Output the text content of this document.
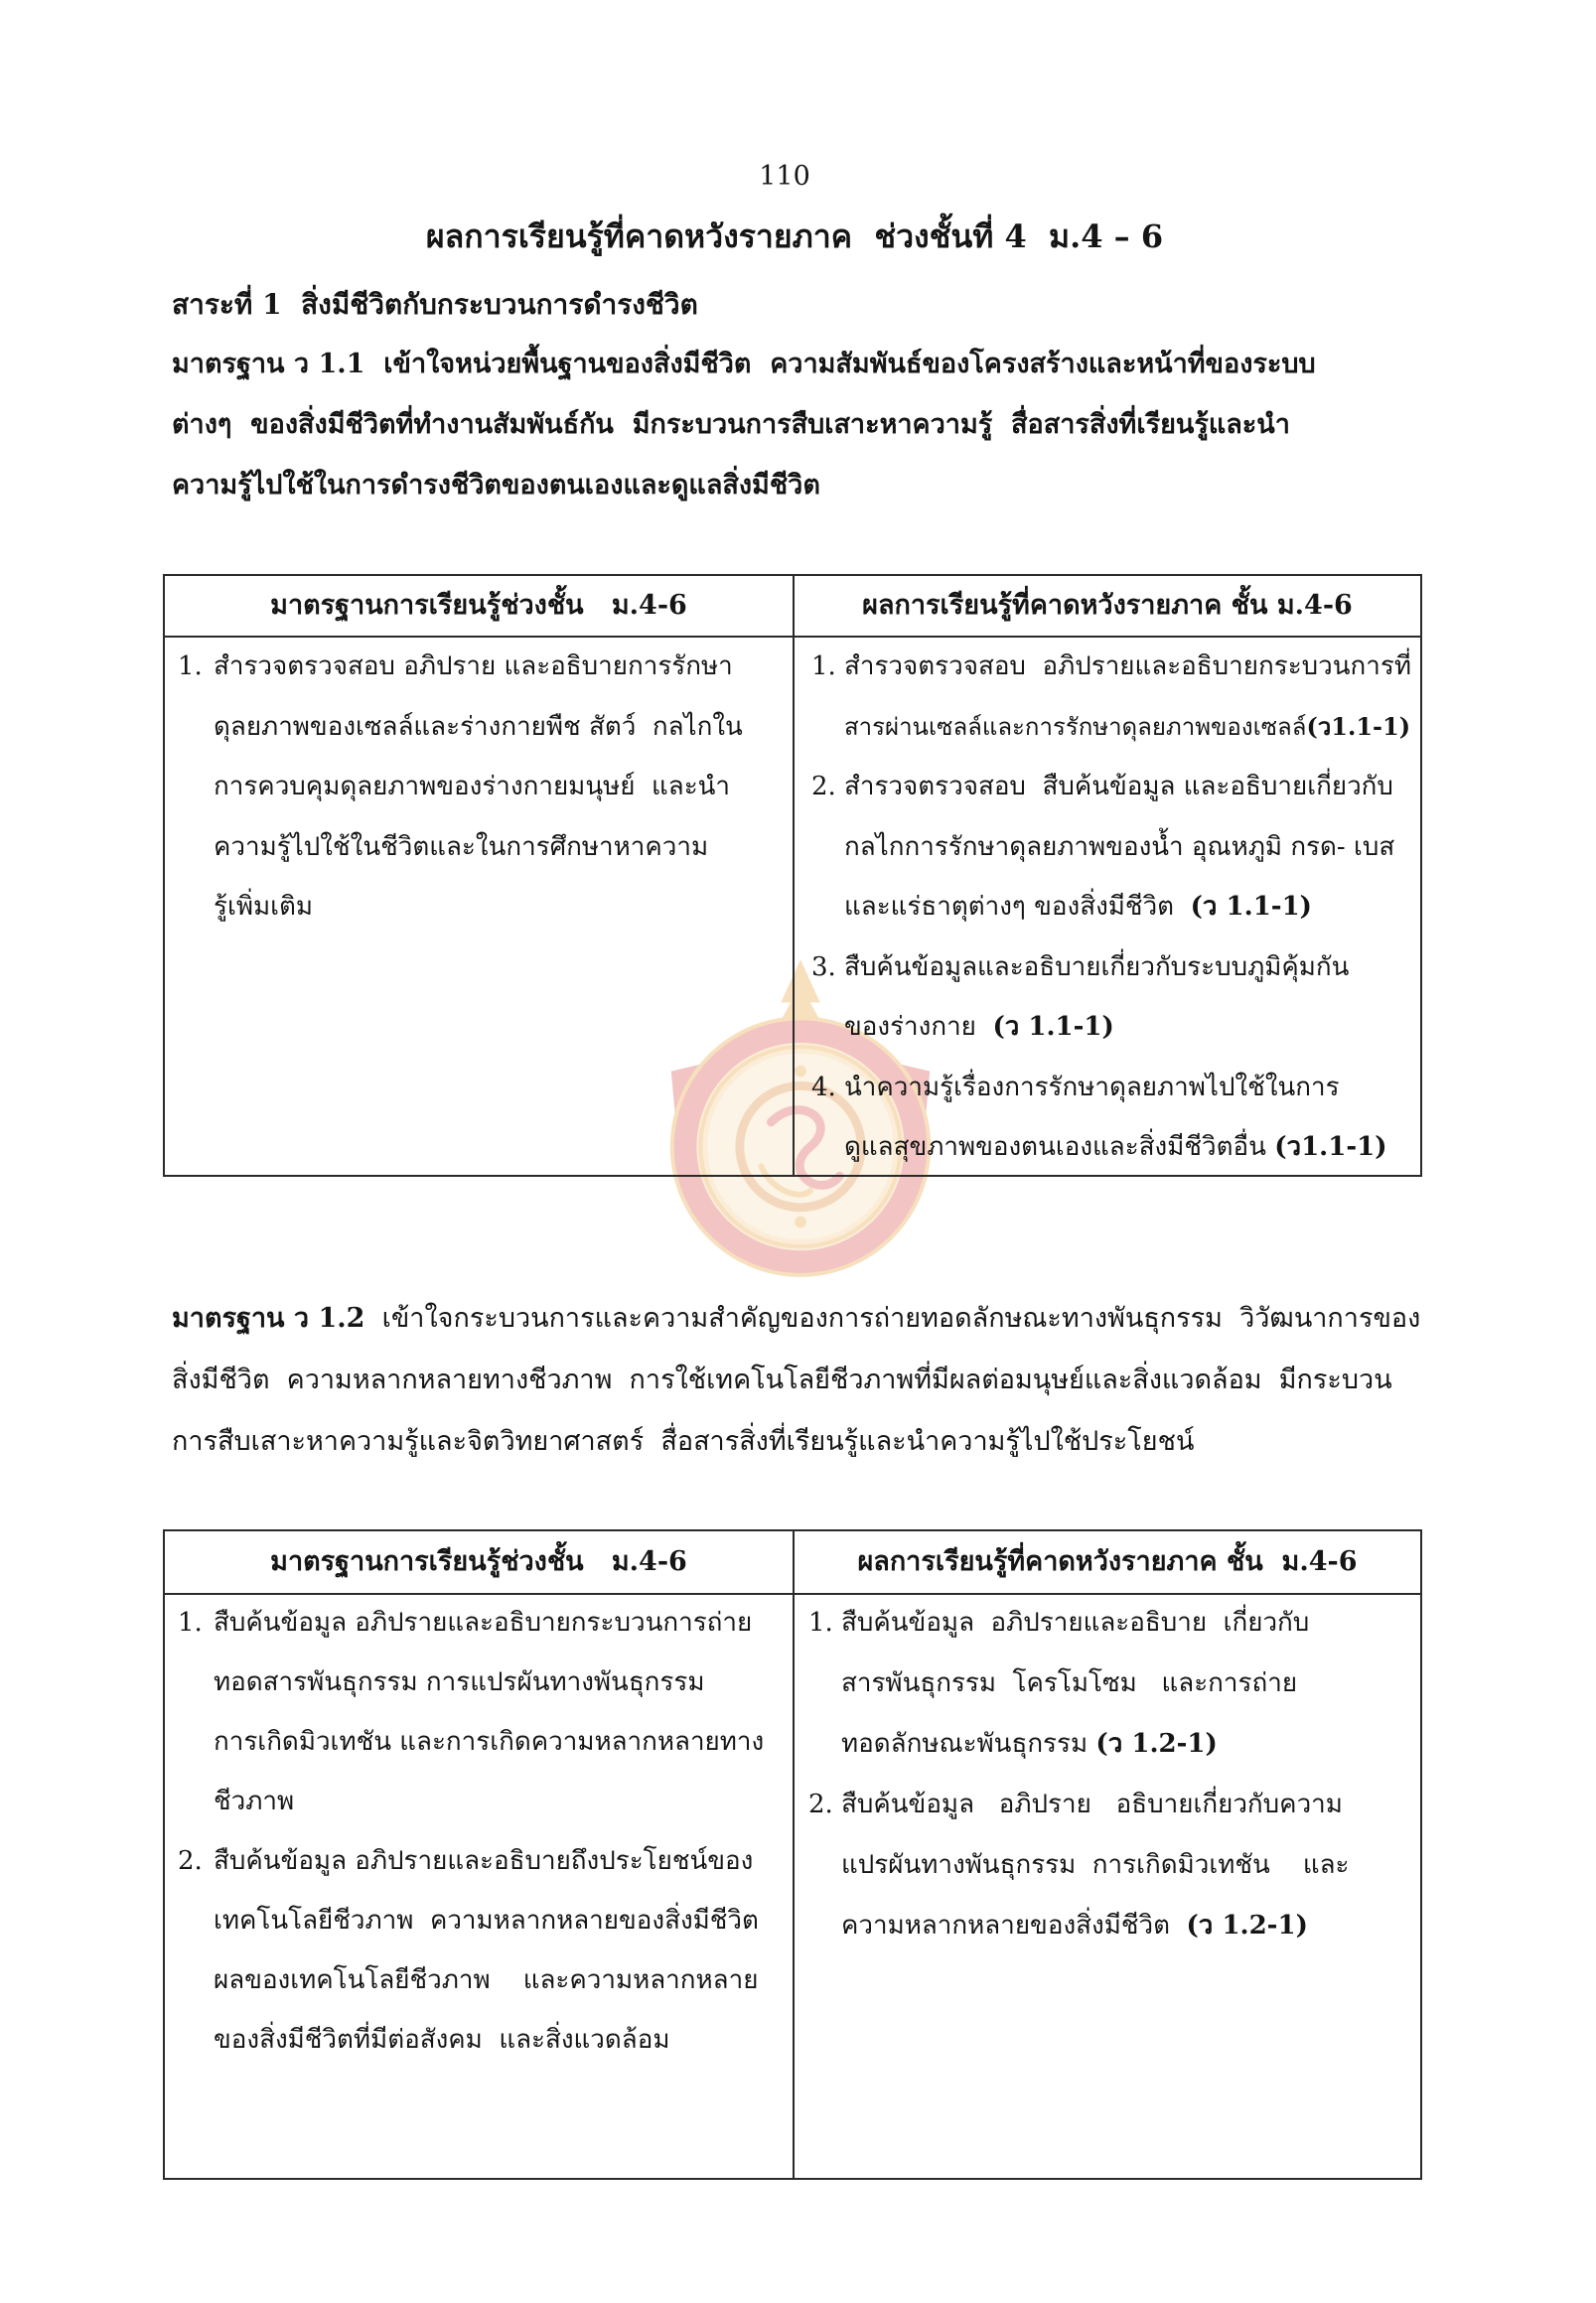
110
ผลการเรียนรู้ที่คาดหวังรายภาค  ช่วงชั้นที่ 4  ม.4 – 6
สาระที่ 1  สิ่งมีชีวิตกับกระบวนการดำรงชีวิต
มาตรฐาน ว 1.1  เข้าใจหน่วยพื้นฐานของสิ่งมีชีวิต  ความสัมพันธ์ของโครงสร้างและหน้าที่ของระบบ
ต่างๆ  ของสิ่งมีชีวิตที่ทำงานสัมพันธ์กัน  มีกระบวนการสืบเสาะหาความรู้  สื่อสารสิ่งที่เรียนรู้และนำ
ความรู้ไปใช้ในการดำรงชีวิตของตนเองและดูแลสิ่งมีชีวิต
มาตรฐานการเรียนรู้ช่วงชั้น   ม.4-6	ผลการเรียนรู้ที่คาดหวังรายภาค ชั้น ม.4-6
1. สำรวจตรวจสอบ อภิปราย และอธิบายการรักษา
ดุลยภาพของเซลล์และร่างกายพืช สัตว์  กลไกใน
การควบคุมดุลยภาพของร่างกายมนุษย์  และนำ
ความรู้ไปใช้ในชีวิตและในการศึกษาหาความ
รู้เพิ่มเติม
1. สำรวจตรวจสอบ  อภิปรายและอธิบายกระบวนการที่
สารผ่านเซลล์และการรักษาดุลยภาพของเซลล์(ว1.1-1)
2. สำรวจตรวจสอบ  สืบค้นข้อมูล และอธิบายเกี่ยวกับ
กลไกการรักษาดุลยภาพของน้ำ อุณหภูมิ กรด- เบส
และแร่ธาตุต่างๆ ของสิ่งมีชีวิต  (ว 1.1-1)
3. สืบค้นข้อมูลและอธิบายเกี่ยวกับระบบภูมิคุ้มกัน
ของร่างกาย  (ว 1.1-1)
4. นำความรู้เรื่องการรักษาดุลยภาพไปใช้ในการ
ดูแลสุขภาพของตนเองและสิ่งมีชีวิตอื่น (ว1.1-1)
มาตรฐาน ว 1.2  เข้าใจกระบวนการและความสำคัญของการถ่ายทอดลักษณะทางพันธุกรรม  วิวัฒนาการของ
สิ่งมีชีวิต  ความหลากหลายทางชีวภาพ  การใช้เทคโนโลยีชีวภาพที่มีผลต่อมนุษย์และสิ่งแวดล้อม  มีกระบวน
การสืบเสาะหาความรู้และจิตวิทยาศาสตร์  สื่อสารสิ่งที่เรียนรู้และนำความรู้ไปใช้ประโยชน์
มาตรฐานการเรียนรู้ช่วงชั้น   ม.4-6	ผลการเรียนรู้ที่คาดหวังรายภาค ชั้น  ม.4-6
1. สืบค้นข้อมูล อภิปรายและอธิบายกระบวนการถ่าย
ทอดสารพันธุกรรม การแปรผันทางพันธุกรรม
การเกิดมิวเทชัน และการเกิดความหลากหลายทาง
ชีวภาพ
2. สืบค้นข้อมูล อภิปรายและอธิบายถึงประโยชน์ของ
เทคโนโลยีชีวภาพ  ความหลากหลายของสิ่งมีชีวิต
ผลของเทคโนโลยีชีวภาพ    และความหลากหลาย
ของสิ่งมีชีวิตที่มีต่อสังคม  และสิ่งแวดล้อม
1. สืบค้นข้อมูล  อภิปรายและอธิบาย  เกี่ยวกับ
สารพันธุกรรม  โครโมโซม   และการถ่าย
ทอดลักษณะพันธุกรรม (ว 1.2-1)
2. สืบค้นข้อมูล   อภิปราย   อธิบายเกี่ยวกับความ
แปรผันทางพันธุกรรม  การเกิดมิวเทชัน    และ
ความหลากหลายของสิ่งมีชีวิต  (ว 1.2-1)
